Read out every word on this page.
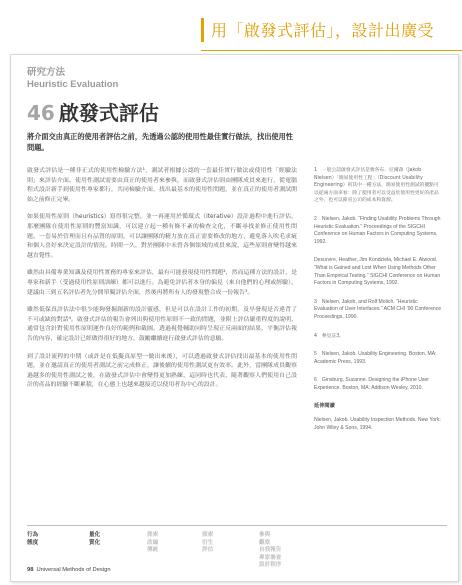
用「啟發式評估」，設計出廣受
研究方法
Heuristic Evaluation
46 啟發式評估
將介面交由真正的使用者評估之前，先透過公認的使用性最佳實行做法，找出使用性問題。

啟發式評估是一種非正式的使用性檢驗方法¹，測試者根據公認的一套最佳實行做法或使用性「經驗法則」來評估介面。使用性測試需要由真正的使用者來參與，而啟發式評估則由團隊成員來進行，從電腦程式設計新手到使用性專家都行，共同檢驗介面，找出最基本的使用性問題，並在真正的使用者測試開始之前修正完畢。

如果使用性原則（heuristics）寫得很完整，並一再運用於循環式（iterative）設計過程中進行評估，那麼團隊在使用性原則的豐富知識，可以建立起一種有條不紊的檢查文化，不斷尋找並修正使用性問題。一套易於管理而且有品質的原則，可以讓團隊的精力放在真正需要修改的地方，避免落入吹毛求疵和個人喜好來決定設計的情況。時間一久，對於團隊中未曾各個領域的成員來說，這些原則會變得越來越直覺性。

雖然由具備專業知識及使用性實務的專家來評估，最有可能發現使用性問題²，然而這種方法的設計，是專家和新手（受過使用性原則訓練）都可以進行。為避免評估者本身的偏見（來自他們的心理或經驗），建議由三到五名評估者先分開單獨評估介面，然後再將所有人的發現整合成一份報告³。

雖然低保真評估法中很少能夠發掘創新的設計靈感，但是可以在設計工作的初期，及早發現是否違背了不可或缺的對話⁴。啟發式評估的報告會列出與使用性原則不一致的問題，並附上評估嚴重程度的說明，通常包含針對使用性原則運作良好的範例和截圖。透過視覺輔助同時呈現正反兩面的結果，平衡評估報告的內容，確定設計已經做得很好的地方，鼓勵繼續進行啟發式評估的意願。

到了設計流程的中期（或許是在低擬真原型一做出來後），可以透過啟發式評估找出最基本的使用性問題，並在邀請真正的使用者測試之前完成修正，讓後續的使用性測試更有效率。此外，當團隊成員觀察過越多的使用性測試之後，在啟發式評估中會變得更加熟練，這同時也代表，隨著觀察人們使用自己設計的產品的經驗不斷累積，在心態上也越來越接近以使用者為中心的設計。

1　一般公認啟發式評估是雅各布．尼爾森（Jakob Nielsen）「簡易使用性工程」（Discount Usability Engineering）的其中一種方法，簡易使用性測試的優點可以從兩方面來看：除了使用者可以受益於使用性更好的產品之外，也可以節省公司的成本和資源。

2　Nielsen, Jakob. “Finding Usability Problems Through Heuristic Evaluation.” Proceedings of the SIGCHI Conference on Human Factors in Computing Systems, 1992.

Desurvire, Heather, Jim Kondziela, Michael E. Atwood. “What is Gained and Lost When Using Methods Other Than Empirical Testing.” SIGCHI Conference on Human Factors in Computing Systems, 1992.

3　Nielsen, Jakob, and Rolf Molich. “Heuristic Evaluation of User Interfaces.” ACM CHI ’90 Conference Proceedings, 1990.

4　參見註3。

5　Nielsen, Jakob. Usability Engineering. Boston, MA: Academic Press, 1993.

6　Ginsburg, Suzanne. Designing the iPhone User Experience. Boston, MA: Addison Wesley, 2010.

延伸閱讀

Nielsen, Jakob. Usability Inspection Methods. New York: John Wiley & Sons, 1994.

行為
態度
量化
質化
探索
改編
傳統
探索
衍生
評估
參與
觀察
自我報告
專家審查
設計程序
98 Universal Methods of Design
